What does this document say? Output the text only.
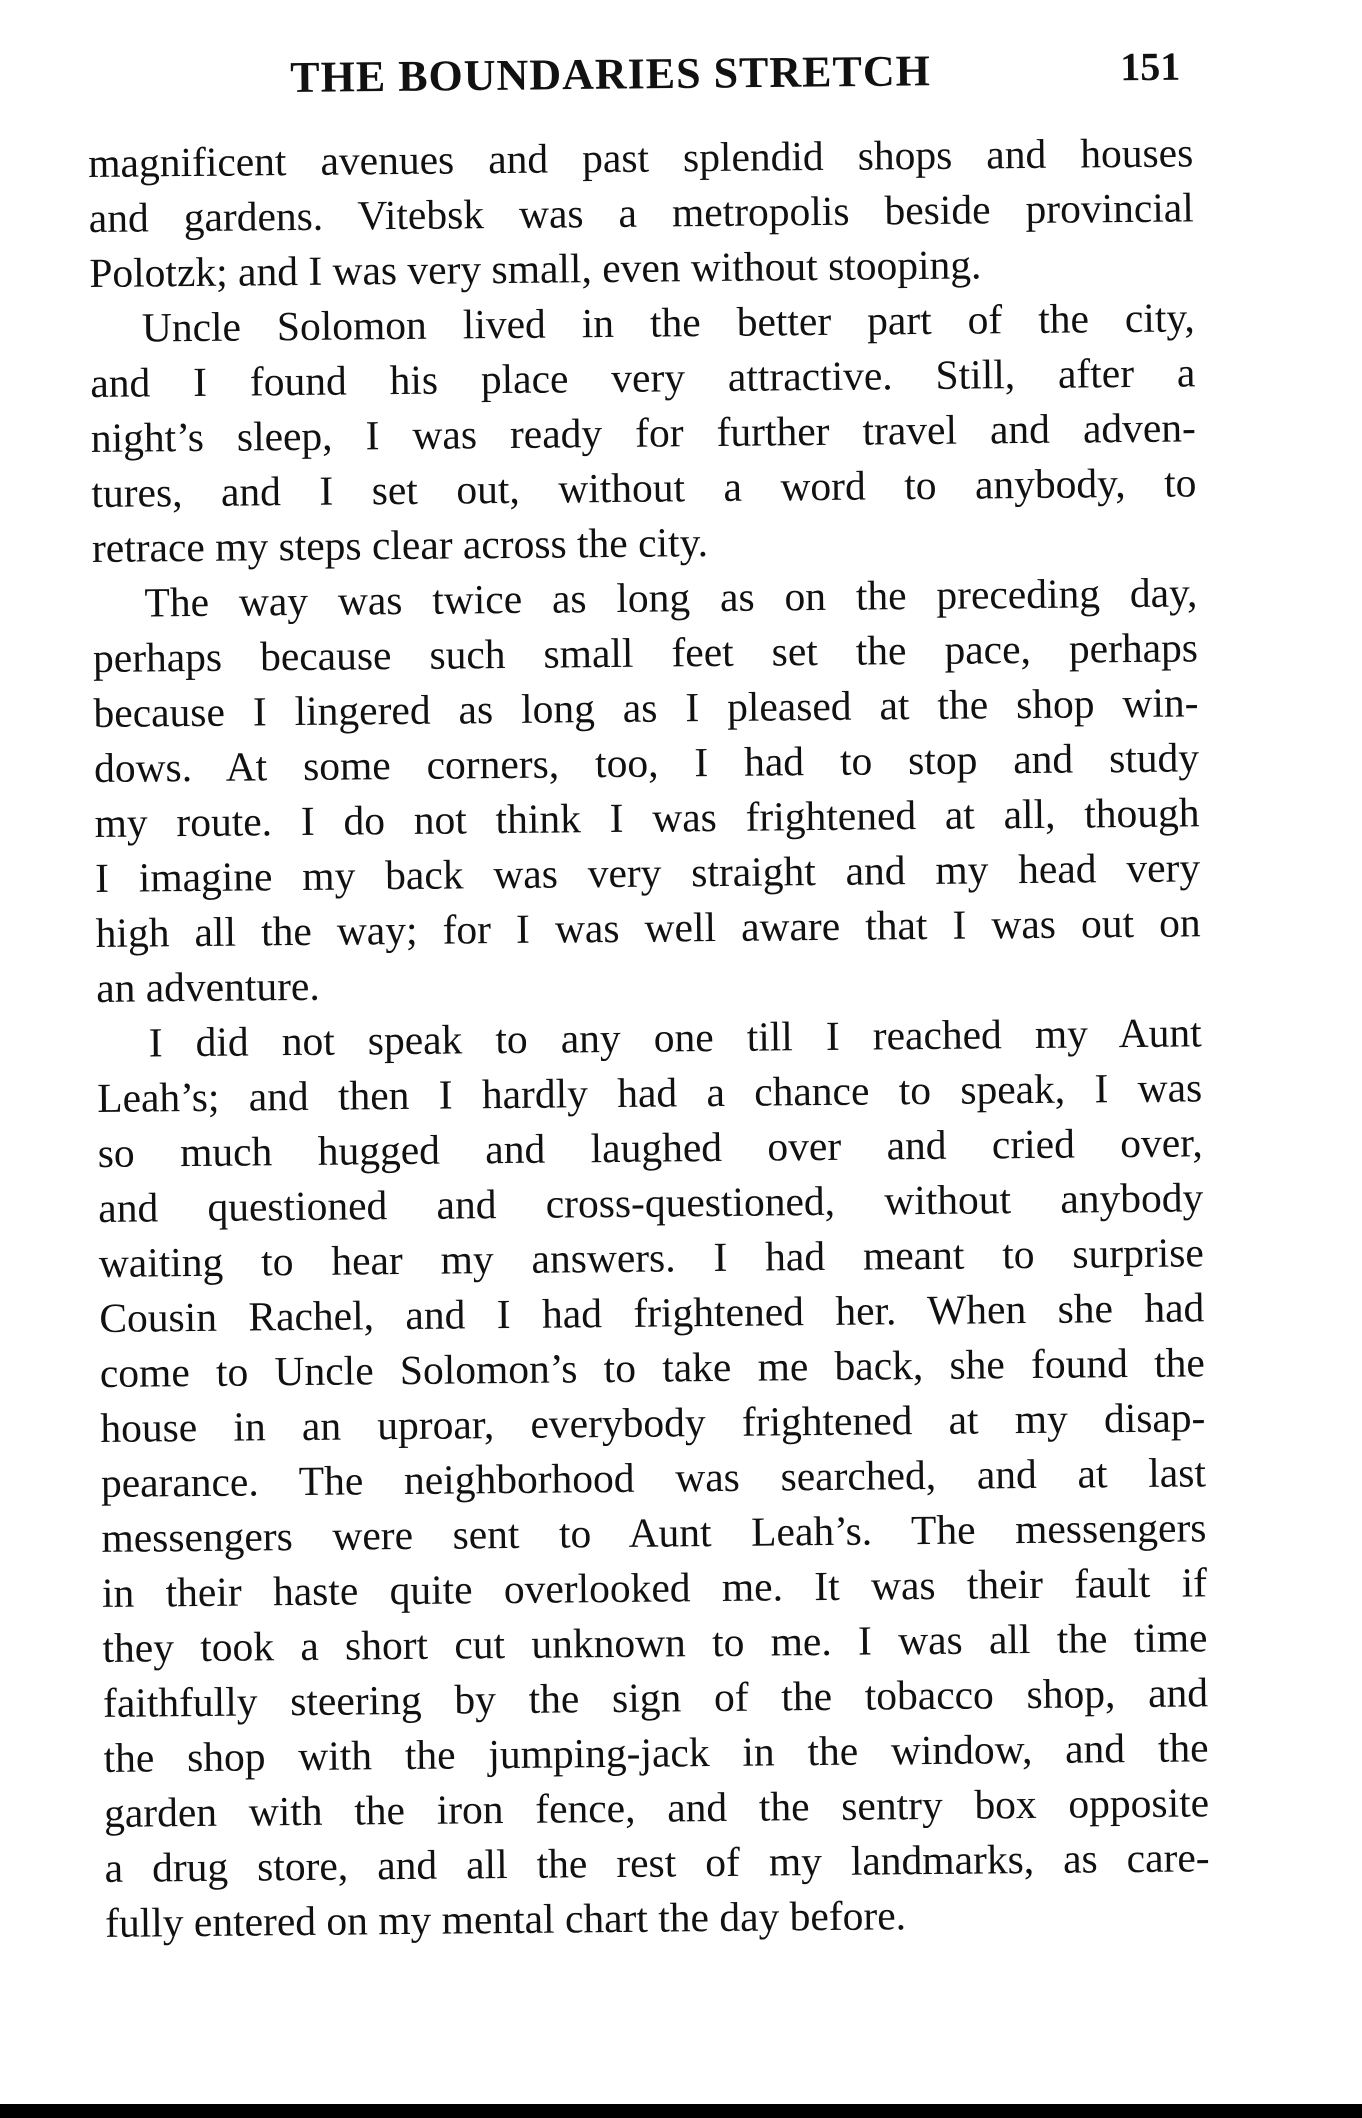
THE BOUNDARIES STRETCH	151
magnificent avenues and past splendid shops and houses
and gardens. Vitebsk was a metropolis beside provincial
Polotzk; and I was very small, even without stooping.
Uncle Solomon lived in the better part of the city,
and I found his place very attractive. Still, after a
night’s sleep, I was ready for further travel and adven-
tures, and I set out, without a word to anybody, to
retrace my steps clear across the city.
The way was twice as long as on the preceding day,
perhaps because such small feet set the pace, perhaps
because I lingered as long as I pleased at the shop win-
dows. At some corners, too, I had to stop and study
my route. I do not think I was frightened at all, though
I imagine my back was very straight and my head very
high all the way; for I was well aware that I was out on
an adventure.
I did not speak to any one till I reached my Aunt
Leah’s; and then I hardly had a chance to speak, I was
so much hugged and laughed over and cried over,
and questioned and cross-questioned, without anybody
waiting to hear my answers. I had meant to surprise
Cousin Rachel, and I had frightened her. When she had
come to Uncle Solomon’s to take me back, she found the
house in an uproar, everybody frightened at my disap-
pearance. The neighborhood was searched, and at last
messengers were sent to Aunt Leah’s. The messengers
in their haste quite overlooked me. It was their fault if
they took a short cut unknown to me. I was all the time
faithfully steering by the sign of the tobacco shop, and
the shop with the jumping-jack in the window, and the
garden with the iron fence, and the sentry box opposite
a drug store, and all the rest of my landmarks, as care-
fully entered on my mental chart the day before.
